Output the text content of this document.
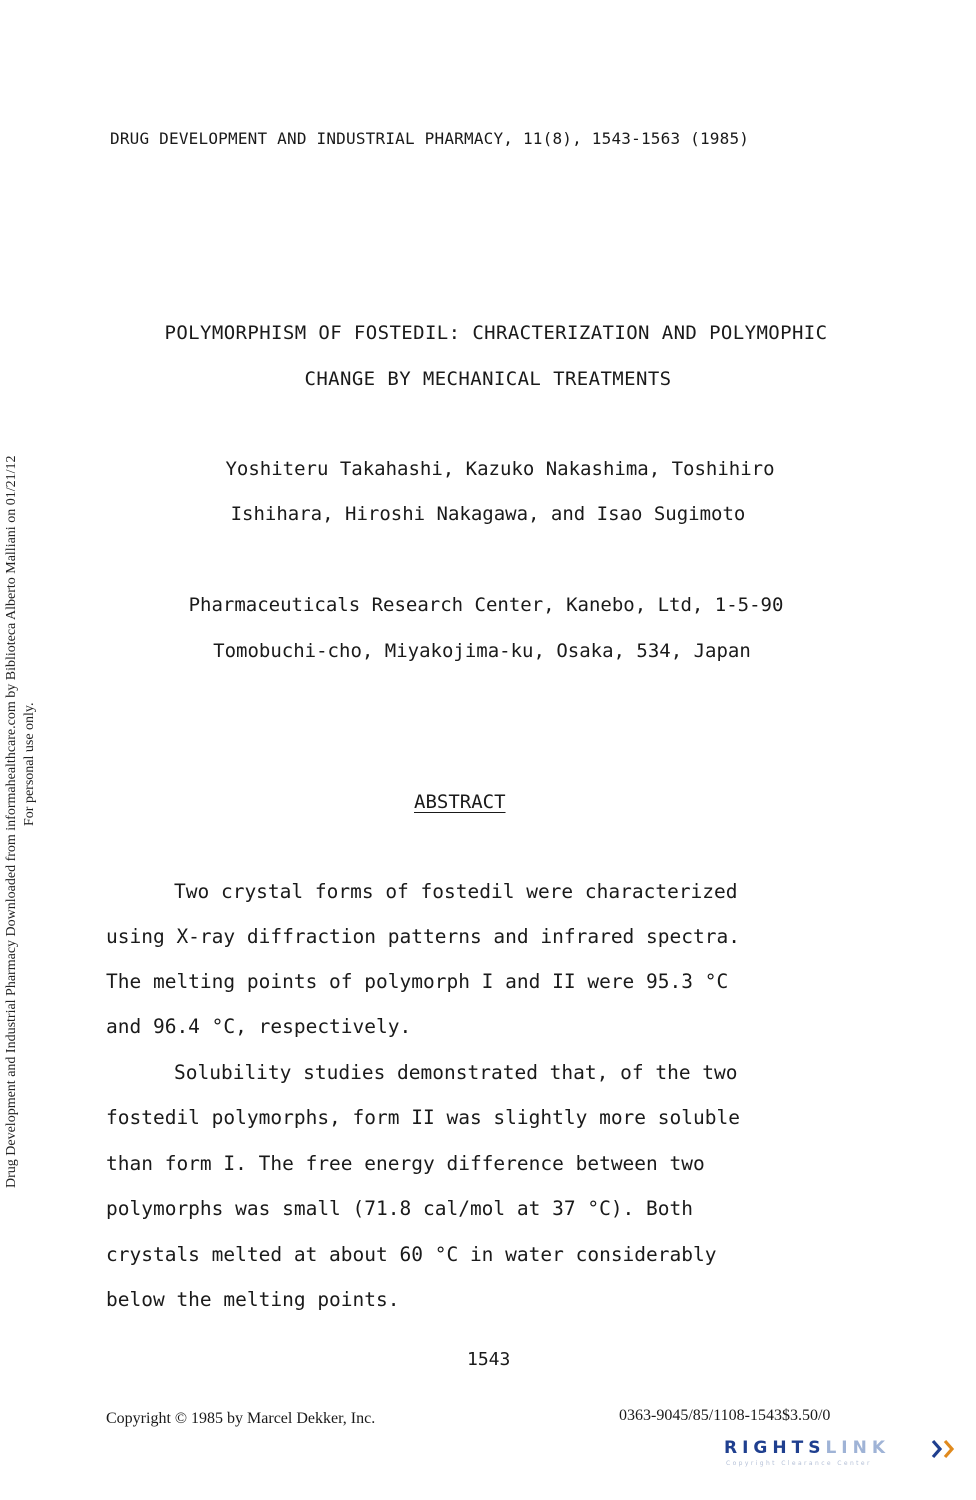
DRUG DEVELOPMENT AND INDUSTRIAL PHARMACY, 11(8), 1543-1563 (1985)
Drug Development and Industrial Pharmacy Downloaded from informahealthcare.com by Biblioteca Alberto Malliani on 01/21/12 For personal use only.
POLYMORPHISM OF FOSTEDIL: CHRACTERIZATION AND POLYMOPHIC
CHANGE BY MECHANICAL TREATMENTS
Yoshiteru Takahashi, Kazuko Nakashima, Toshihiro
Ishihara, Hiroshi Nakagawa, and Isao Sugimoto
Pharmaceuticals Research Center, Kanebo, Ltd, 1-5-90
Tomobuchi-cho, Miyakojima-ku, Osaka, 534, Japan
ABSTRACT
Two crystal forms of fostedil were characterized
using X-ray diffraction patterns and infrared spectra.
The melting points of polymorph I and II were 95.3 °C
and 96.4 °C, respectively.
Solubility studies demonstrated that, of the two
fostedil polymorphs, form II was slightly more soluble
than form I. The free energy difference between two
polymorphs was small (71.8 cal/mol at 37 °C). Both
crystals melted at about 60 °C in water considerably
below the melting points.
1543
Copyright © 1985 by Marcel Dekker, Inc.	0363-9045/85/1108-1543$3.50/0
RIGHTSLINK
Copyright Clearance Center
